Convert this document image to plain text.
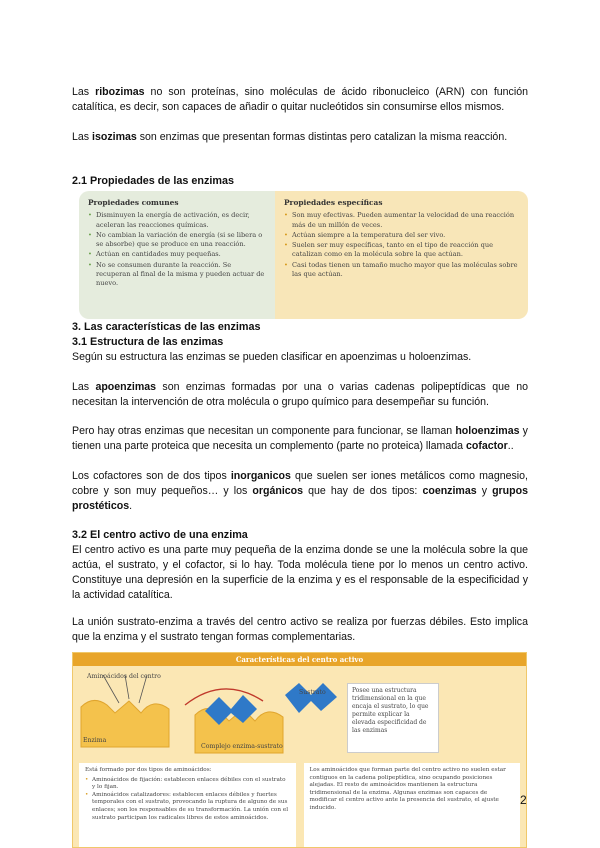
Las ribozimas no son proteínas, sino moléculas de ácido ribonucleico (ARN) con función catalítica, es decir, son capaces de añadir o quitar nucleótidos sin consumirse ellos mismos.
Las isozimas son enzimas que presentan formas distintas pero catalizan la misma reacción.
2.1 Propiedades de las enzimas
Propiedades comunes
• Disminuyen la energía de activación, es decir, aceleran las reacciones químicas.
• No cambian la variación de energía (si se libera o se absorbe) que se produce en una reacción.
• Actúan en cantidades muy pequeñas.
• No se consumen durante la reacción. Se recuperan al final de la misma y pueden actuar de nuevo.
Propiedades específicas
• Son muy efectivas. Pueden aumentar la velocidad de una reacción más de un millón de veces.
• Actúan siempre a la temperatura del ser vivo.
• Suelen ser muy específicas, tanto en el tipo de reacción que catalizan como en la molécula sobre la que actúan.
• Casi todas tienen un tamaño mucho mayor que las moléculas sobre las que actúan.
3. Las características de las enzimas
3.1 Estructura de las enzimas
Según su estructura las enzimas se pueden clasificar en apoenzimas u holoenzimas.
Las apoenzimas son enzimas formadas por una o varias cadenas polipeptídicas que no necesitan la intervención de otra molécula o grupo químico para desempeñar su función.
Pero hay otras enzimas que necesitan un componente para funcionar, se llaman holoenzimas y tienen una parte proteica que necesita un complemento (parte no proteica) llamada cofactor..
Los cofactores son de dos tipos inorganicos que suelen ser iones metálicos como magnesio, cobre y son muy pequeños… y los orgánicos que hay de dos tipos: coenzimas y grupos prostéticos.
3.2 El centro activo de una enzima
El centro activo es una parte muy pequeña de la enzima donde se une la molécula sobre la que actúa, el sustrato, y el cofactor, si lo hay. Toda molécula tiene por lo menos un centro activo. Constituye una depresión en la superficie de la enzima y es el responsable de la especificidad y la actividad catalítica.
La unión sustrato-enzima a través del centro activo se realiza por fuerzas débiles. Esto implica que la enzima y el sustrato tengan formas complementarias.
Características del centro activo
Aminoácidos del centro
Sustrato
Enzima
Complejo enzima-sustrato
Posee una estructura tridimensional en la que encaja el sustrato, lo que permite explicar la elevada especificidad de las enzimas
Está formado por dos tipos de aminoácidos:
• Aminoácidos de fijación: establecen enlaces débiles con el sustrato y lo fijan.
• Aminoácidos catalizadores: establecen enlaces débiles y fuertes temporales con el sustrato, provocando la ruptura de alguno de sus enlaces; son los responsables de su transformación. La unión con el sustrato participan los radicales libres de estos aminoácidos.
Los aminoácidos que forman parte del centro activo no suelen estar contiguos en la cadena polipeptídica, sino ocupando posiciones alejadas. El resto de aminoácidos mantienen la estructura tridimensional de la enzima. Algunas enzimas son capaces de modificar el centro activo ante la presencia del sustrato, el ajuste inducido.
2
